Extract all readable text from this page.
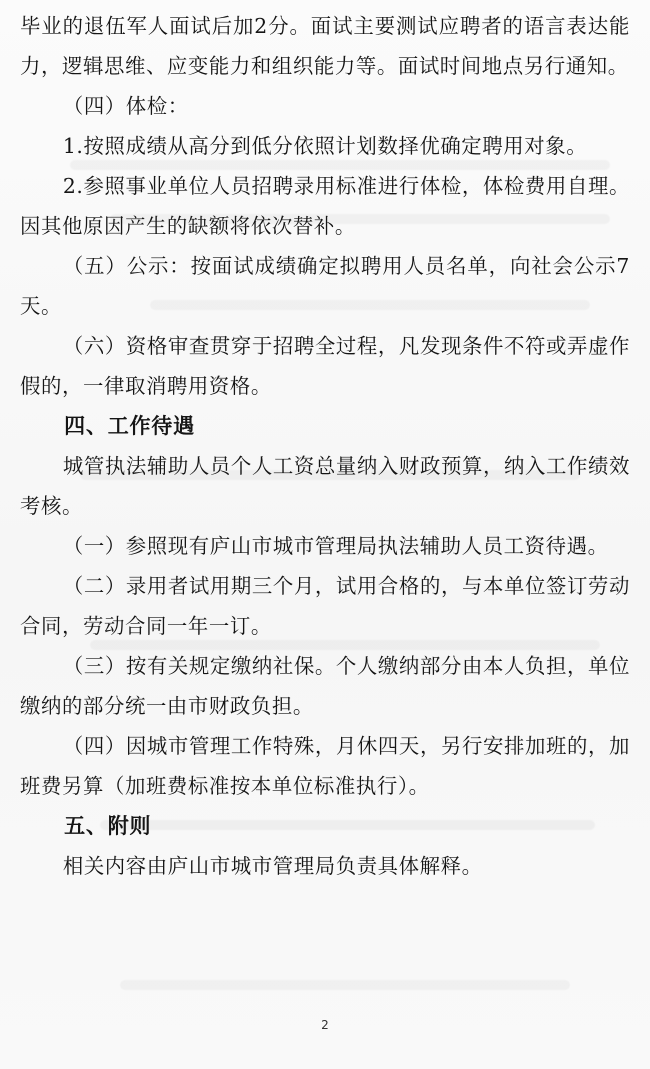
毕业的退伍军人面试后加2分。面试主要测试应聘者的语言表达能力，逻辑思维、应变能力和组织能力等。面试时间地点另行通知。

（四）体检：

1.按照成绩从高分到低分依照计划数择优确定聘用对象。

2.参照事业单位人员招聘录用标准进行体检，体检费用自理。因其他原因产生的缺额将依次替补。

（五）公示：按面试成绩确定拟聘用人员名单，向社会公示7天。

（六）资格审查贯穿于招聘全过程，凡发现条件不符或弄虚作假的，一律取消聘用资格。

四、工作待遇

城管执法辅助人员个人工资总量纳入财政预算，纳入工作绩效考核。

（一）参照现有庐山市城市管理局执法辅助人员工资待遇。

（二）录用者试用期三个月，试用合格的，与本单位签订劳动合同，劳动合同一年一订。

（三）按有关规定缴纳社保。个人缴纳部分由本人负担，单位缴纳的部分统一由市财政负担。

（四）因城市管理工作特殊，月休四天，另行安排加班的，加班费另算（加班费标准按本单位标准执行）。

五、附则

相关内容由庐山市城市管理局负责具体解释。

2
